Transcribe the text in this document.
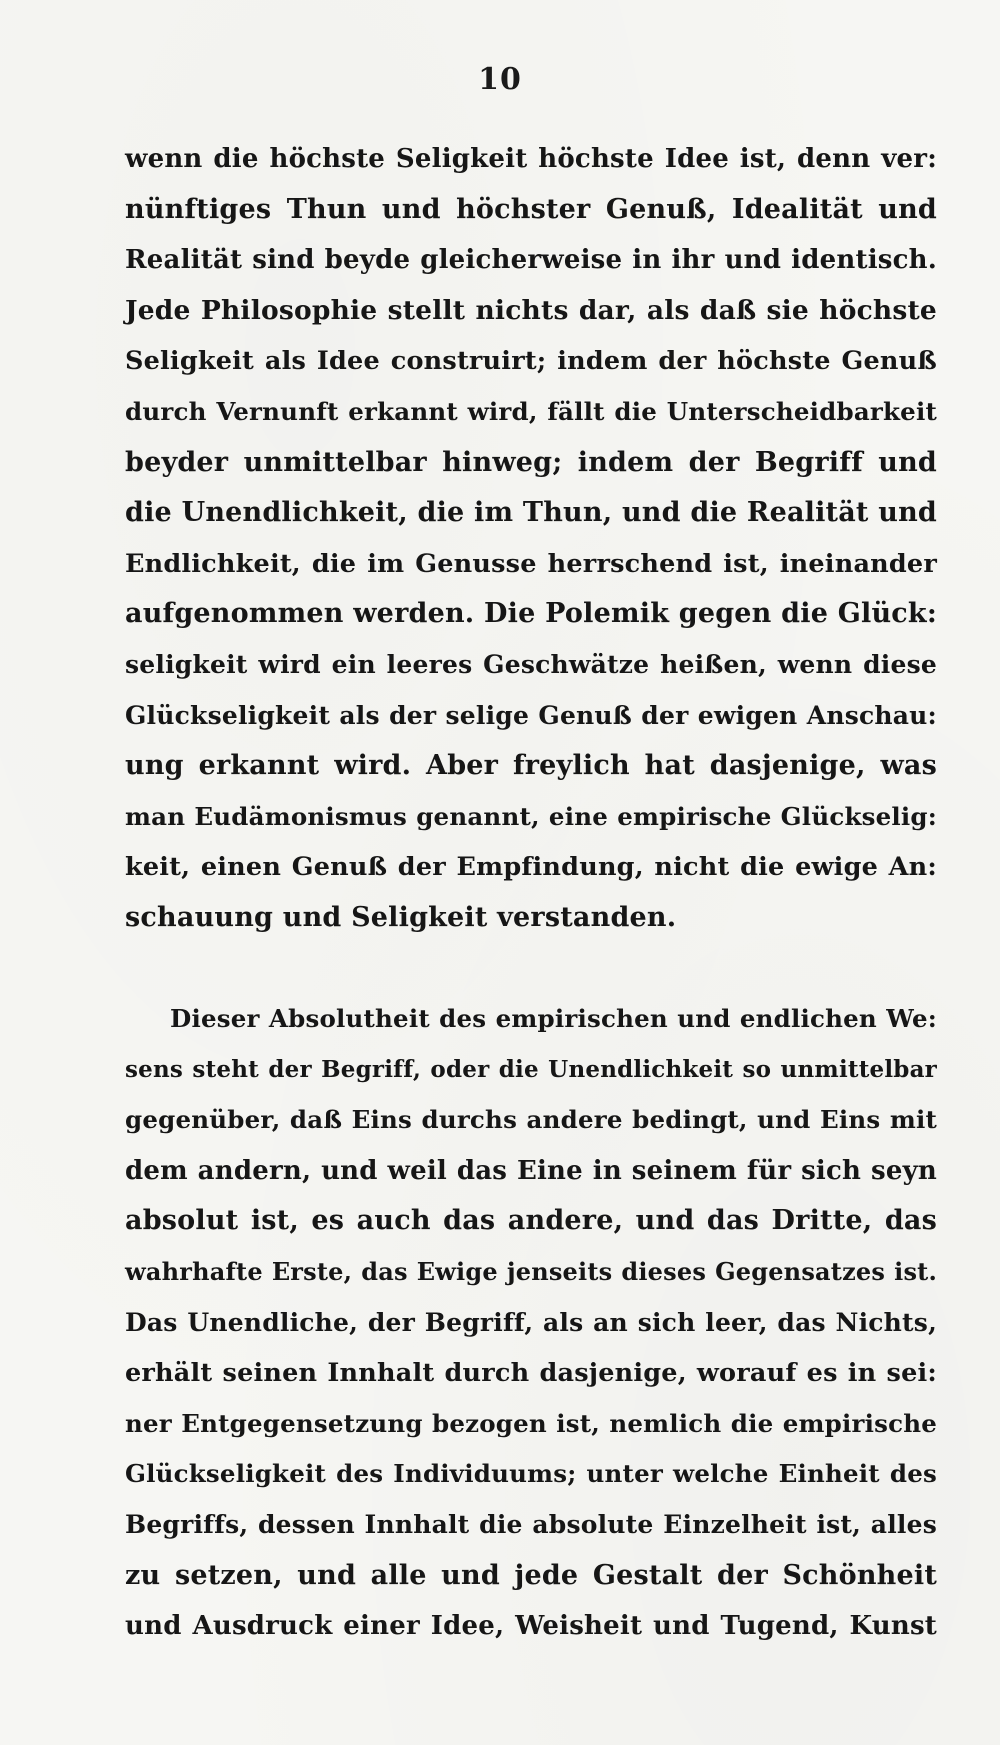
10
wenn die höchste Seligkeit höchste Idee ist, denn ver:
nünftiges Thun und höchster Genuß, Idealität und
Realität sind beyde gleicherweise in ihr und identisch.
Jede Philosophie stellt nichts dar, als daß sie höchste
Seligkeit als Idee construirt; indem der höchste Genuß
durch Vernunft erkannt wird, fällt die Unterscheidbarkeit
beyder unmittelbar hinweg; indem der Begriff und
die Unendlichkeit, die im Thun, und die Realität und
Endlichkeit, die im Genusse herrschend ist, ineinander
aufgenommen werden. Die Polemik gegen die Glück:
seligkeit wird ein leeres Geschwätze heißen, wenn diese
Glückseligkeit als der selige Genuß der ewigen Anschau:
ung erkannt wird. Aber freylich hat dasjenige, was
man Eudämonismus genannt, eine empirische Glückselig:
keit, einen Genuß der Empfindung, nicht die ewige An:
schauung und Seligkeit verstanden.
Dieser Absolutheit des empirischen und endlichen We:
sens steht der Begriff, oder die Unendlichkeit so unmittelbar
gegenüber, daß Eins durchs andere bedingt, und Eins mit
dem andern, und weil das Eine in seinem für sich seyn
absolut ist, es auch das andere, und das Dritte, das
wahrhafte Erste, das Ewige jenseits dieses Gegensatzes ist.
Das Unendliche, der Begriff, als an sich leer, das Nichts,
erhält seinen Innhalt durch dasjenige, worauf es in sei:
ner Entgegensetzung bezogen ist, nemlich die empirische
Glückseligkeit des Individuums; unter welche Einheit des
Begriffs, dessen Innhalt die absolute Einzelheit ist, alles
zu setzen, und alle und jede Gestalt der Schönheit
und Ausdruck einer Idee, Weisheit und Tugend, Kunst
